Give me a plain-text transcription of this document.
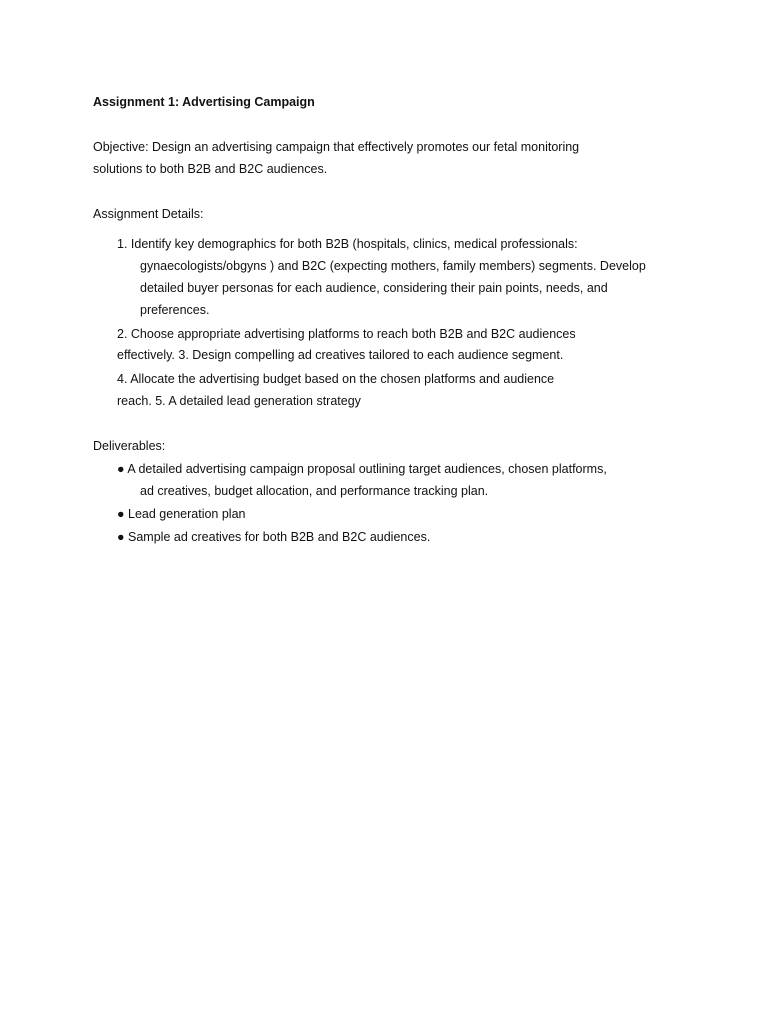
Assignment 1: Advertising Campaign
Objective: Design an advertising campaign that effectively promotes our fetal monitoring
solutions to both B2B and B2C audiences.
Assignment Details:
1. Identify key demographics for both B2B (hospitals, clinics, medical professionals:
gynaecologists/obgyns ) and B2C (expecting mothers, family members) segments. Develop
detailed buyer personas for each audience, considering their pain points, needs, and
preferences.
2. Choose appropriate advertising platforms to reach both B2B and B2C audiences
effectively. 3. Design compelling ad creatives tailored to each audience segment.
4. Allocate the advertising budget based on the chosen platforms and audience
reach. 5. A detailed lead generation strategy
Deliverables:
● A detailed advertising campaign proposal outlining target audiences, chosen platforms,
ad creatives, budget allocation, and performance tracking plan.
● Lead generation plan
● Sample ad creatives for both B2B and B2C audiences.
